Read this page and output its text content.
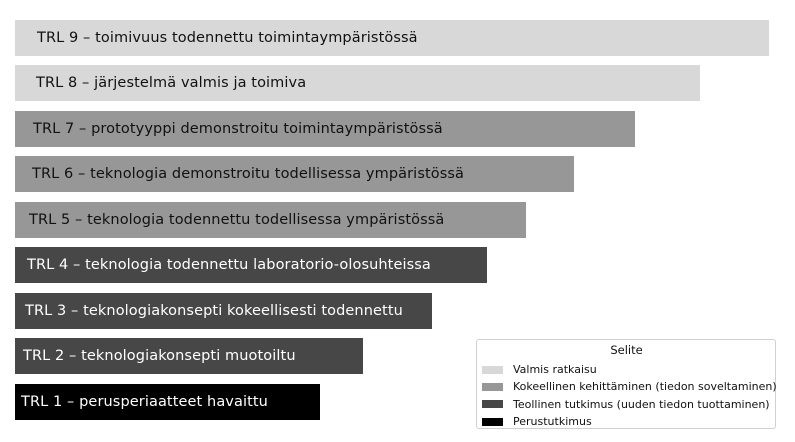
TRL 9 – toimivuus todennettu toimintaympäristössä
TRL 8 – järjestelmä valmis ja toimiva
TRL 7 – prototyyppi demonstroitu toimintaympäristössä
TRL 6 – teknologia demonstroitu todellisessa ympäristössä
TRL 5 – teknologia todennettu todellisessa ympäristössä
TRL 4 – teknologia todennettu laboratorio-olosuhteissa
TRL 3 – teknologiakonsepti kokeellisesti todennettu
TRL 2 – teknologiakonsepti muotoiltu
TRL 1 – perusperiaatteet havaittu
Selite
Valmis ratkaisu
Kokeellinen kehittäminen (tiedon soveltaminen)
Teollinen tutkimus (uuden tiedon tuottaminen)
Perustutkimus
